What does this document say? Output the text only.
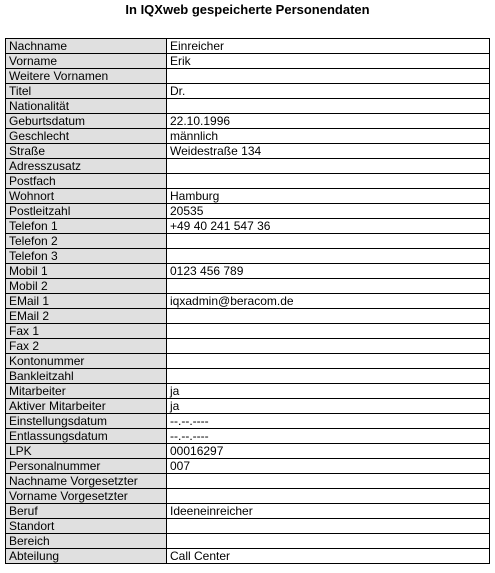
In IQXweb gespeicherte Personendaten
Nachname	Einreicher
Vorname	Erik
Weitere Vornamen	
Titel	Dr.
Nationalität	
Geburtsdatum	22.10.1996
Geschlecht	männlich
Straße	Weidestraße 134
Adresszusatz	
Postfach	
Wohnort	Hamburg
Postleitzahl	20535
Telefon 1	+49 40 241 547 36
Telefon 2	
Telefon 3	
Mobil 1	0123 456 789
Mobil 2	
EMail 1	iqxadmin@beracom.de
EMail 2	
Fax 1	
Fax 2	
Kontonummer	
Bankleitzahl	
Mitarbeiter	ja
Aktiver Mitarbeiter	ja
Einstellungsdatum	--.--.----
Entlassungsdatum	--.--.----
LPK	00016297
Personalnummer	007
Nachname Vorgesetzter	
Vorname Vorgesetzter	
Beruf	Ideeneinreicher
Standort	
Bereich	
Abteilung	Call Center
